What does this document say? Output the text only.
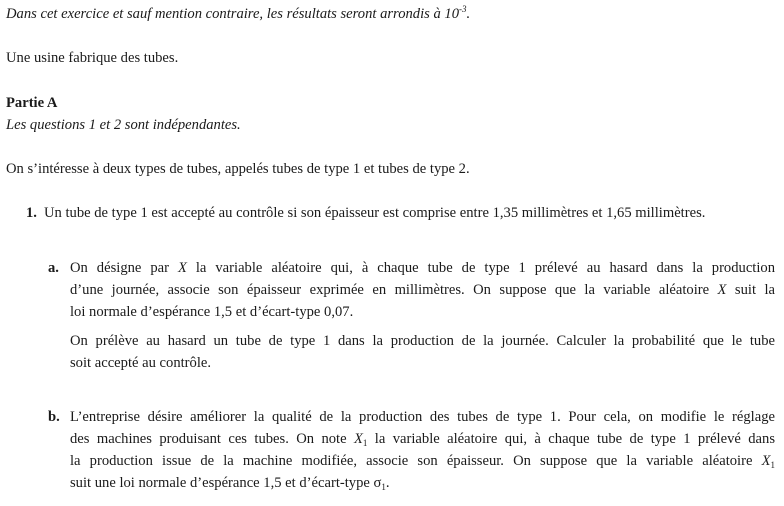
Dans cet exercice et sauf mention contraire, les résultats seront arrondis à $10^{-3}$.
Une usine fabrique des tubes.
Partie A
Les questions 1 et 2 sont indépendantes.
On s’intéresse à deux types de tubes, appelés tubes de type 1 et tubes de type 2.
1. Un tube de type 1 est accepté au contrôle si son épaisseur est comprise entre 1,35 millimètres et 1,65 millimètres.
a. On désigne par X la variable aléatoire qui, à chaque tube de type 1 prélevé au hasard dans la production
d’une journée, associe son épaisseur exprimée en millimètres. On suppose que la variable aléatoire X suit la
loi normale d’espérance 1,5 et d’écart-type 0,07.
On prélève au hasard un tube de type 1 dans la production de la journée. Calculer la probabilité que le tube
soit accepté au contrôle.
b. L’entreprise désire améliorer la qualité de la production des tubes de type 1. Pour cela, on modifie le réglage
des machines produisant ces tubes. On note $X_1$ la variable aléatoire qui, à chaque tube de type 1 prélevé dans
la production issue de la machine modifiée, associe son épaisseur. On suppose que la variable aléatoire $X_1$
suit une loi normale d’espérance 1,5 et d’écart-type $\sigma_1$.
